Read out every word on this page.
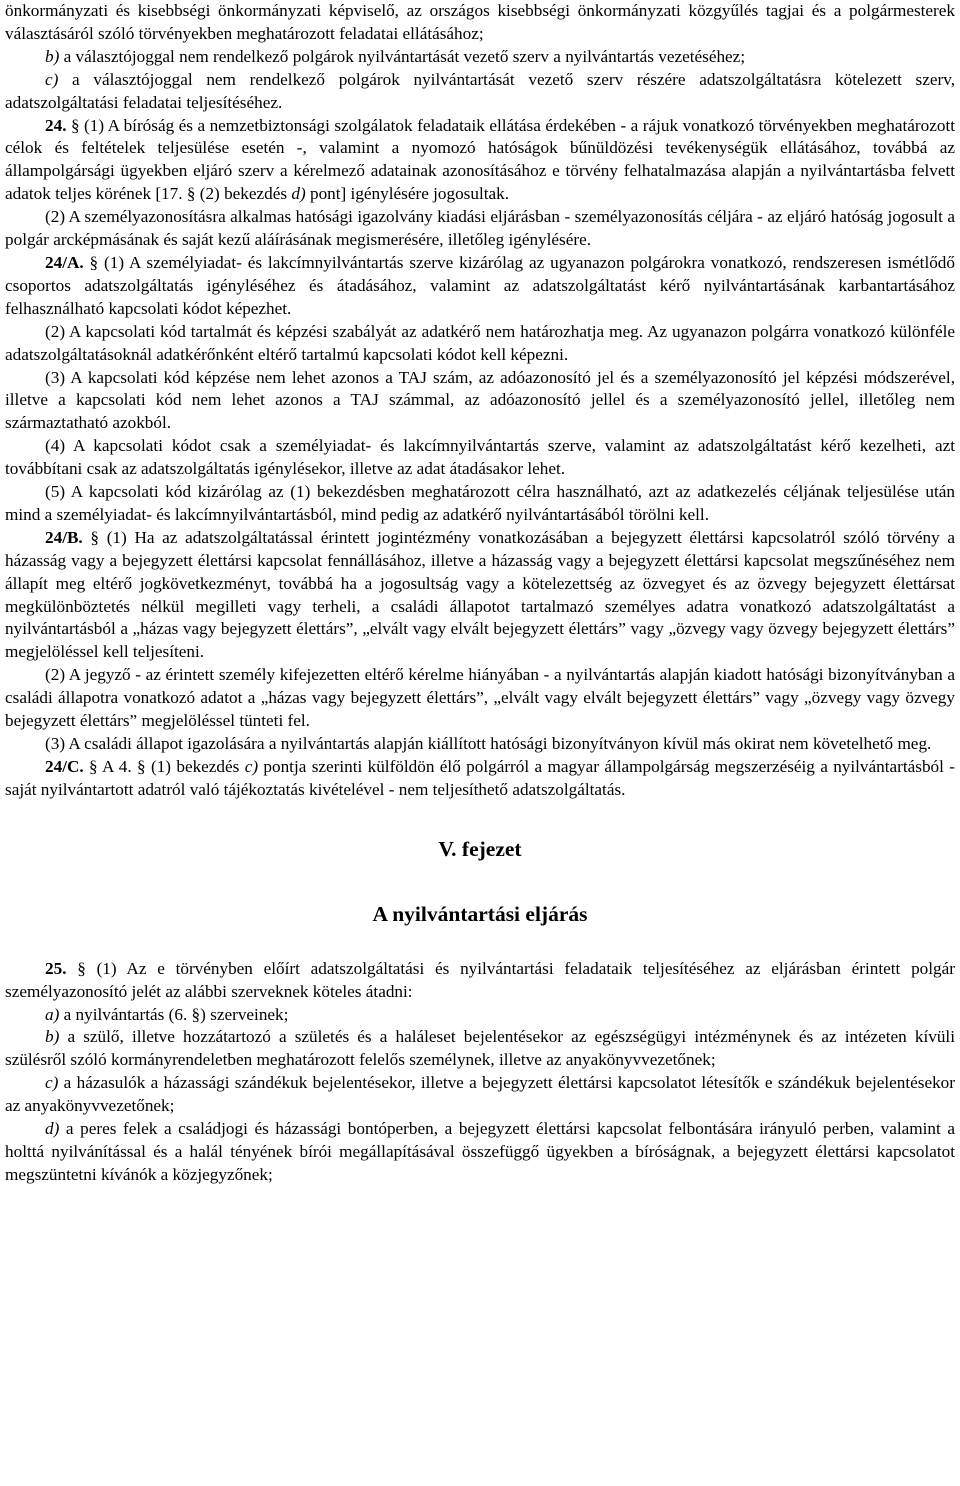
önkormányzati és kisebbségi önkormányzati képviselő, az országos kisebbségi önkormányzati közgyűlés tagjai és a polgármesterek választásáról szóló törvényekben meghatározott feladatai ellátásához;

b) a választójoggal nem rendelkező polgárok nyilvántartását vezető szerv a nyilvántartás vezetéséhez;

c) a választójoggal nem rendelkező polgárok nyilvántartását vezető szerv részére adatszolgáltatásra kötelezett szerv, adatszolgáltatási feladatai teljesítéséhez.

24. § (1) A bíróság és a nemzetbiztonsági szolgálatok feladataik ellátása érdekében - a rájuk vonatkozó törvényekben meghatározott célok és feltételek teljesülése esetén -, valamint a nyomozó hatóságok bűnüldözési tevékenységük ellátásához, továbbá az állampolgársági ügyekben eljáró szerv a kérelmező adatainak azonosításához e törvény felhatalmazása alapján a nyilvántartásba felvett adatok teljes körének [17. § (2) bekezdés d) pont] igénylésére jogosultak.

(2) A személyazonosításra alkalmas hatósági igazolvány kiadási eljárásban - személyazonosítás céljára - az eljáró hatóság jogosult a polgár arcképmásának és saját kezű aláírásának megismerésére, illetőleg igénylésére.

24/A. § (1) A személyiadat- és lakcímnyilvántartás szerve kizárólag az ugyanazon polgárokra vonatkozó, rendszeresen ismétlődő csoportos adatszolgáltatás igényléséhez és átadásához, valamint az adatszolgáltatást kérő nyilvántartásának karbantartásához felhasználható kapcsolati kódot képezhet.

(2) A kapcsolati kód tartalmát és képzési szabályát az adatkérő nem határozhatja meg. Az ugyanazon polgárra vonatkozó különféle adatszolgáltatásoknál adatkérőnként eltérő tartalmú kapcsolati kódot kell képezni.

(3) A kapcsolati kód képzése nem lehet azonos a TAJ szám, az adóazonosító jel és a személyazonosító jel képzési módszerével, illetve a kapcsolati kód nem lehet azonos a TAJ számmal, az adóazonosító jellel és a személyazonosító jellel, illetőleg nem származtatható azokból.

(4) A kapcsolati kódot csak a személyiadat- és lakcímnyilvántartás szerve, valamint az adatszolgáltatást kérő kezelheti, azt továbbítani csak az adatszolgáltatás igénylésekor, illetve az adat átadásakor lehet.

(5) A kapcsolati kód kizárólag az (1) bekezdésben meghatározott célra használható, azt az adatkezelés céljának teljesülése után mind a személyiadat- és lakcímnyilvántartásból, mind pedig az adatkérő nyilvántartásából törölni kell.

24/B. § (1) Ha az adatszolgáltatással érintett jogintézmény vonatkozásában a bejegyzett élettársi kapcsolatról szóló törvény a házasság vagy a bejegyzett élettársi kapcsolat fennállásához, illetve a házasság vagy a bejegyzett élettársi kapcsolat megszűnéséhez nem állapít meg eltérő jogkövetkezményt, továbbá ha a jogosultság vagy a kötelezettség az özvegyet és az özvegy bejegyzett élettársat megkülönböztetés nélkül megilleti vagy terheli, a családi állapotot tartalmazó személyes adatra vonatkozó adatszolgáltatást a nyilvántartásból a „házas vagy bejegyzett élettárs”, „elvált vagy elvált bejegyzett élettárs” vagy „özvegy vagy özvegy bejegyzett élettárs” megjelöléssel kell teljesíteni.

(2) A jegyző - az érintett személy kifejezetten eltérő kérelme hiányában - a nyilvántartás alapján kiadott hatósági bizonyítványban a családi állapotra vonatkozó adatot a „házas vagy bejegyzett élettárs”, „elvált vagy elvált bejegyzett élettárs” vagy „özvegy vagy özvegy bejegyzett élettárs” megjelöléssel tünteti fel.

(3) A családi állapot igazolására a nyilvántartás alapján kiállított hatósági bizonyítványon kívül más okirat nem követelhető meg.

24/C. § A 4. § (1) bekezdés c) pontja szerinti külföldön élő polgárról a magyar állampolgárság megszerzéséig a nyilvántartásból - saját nyilvántartott adatról való tájékoztatás kivételével - nem teljesíthető adatszolgáltatás.

V. fejezet

A nyilvántartási eljárás

25. § (1) Az e törvényben előírt adatszolgáltatási és nyilvántartási feladataik teljesítéséhez az eljárásban érintett polgár személyazonosító jelét az alábbi szerveknek köteles átadni:

a) a nyilvántartás (6. §) szerveinek;

b) a szülő, illetve hozzátartozó a születés és a haláleset bejelentésekor az egészségügyi intézménynek és az intézeten kívüli szülésről szóló kormányrendeletben meghatározott felelős személynek, illetve az anyakönyvvezetőnek;

c) a házasulók a házassági szándékuk bejelentésekor, illetve a bejegyzett élettársi kapcsolatot létesítők e szándékuk bejelentésekor az anyakönyvvezetőnek;

d) a peres felek a családjogi és házassági bontóperben, a bejegyzett élettársi kapcsolat felbontására irányuló perben, valamint a holttá nyilvánítással és a halál tényének bírói megállapításával összefüggő ügyekben a bíróságnak, a bejegyzett élettársi kapcsolatot megszüntetni kívánók a közjegyzőnek;
